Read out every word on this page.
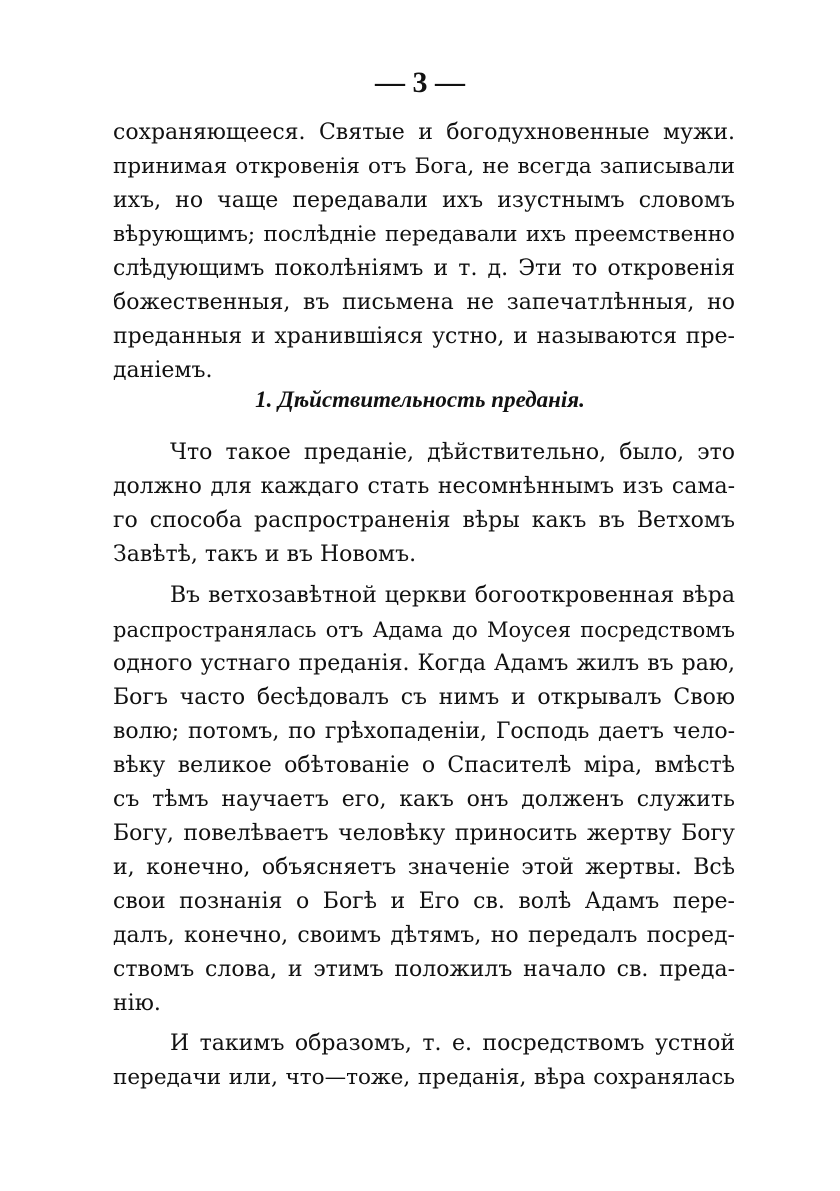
— 3 —
сохраняющееся. Святые и богодухновенные мужи.
принимая откровенія отъ Бога, не всегда записывали
ихъ, но чаще передавали ихъ изустнымъ словомъ
вѣрующимъ; послѣдніе передавали ихъ преемственно
слѣдующимъ поколѣніямъ и т. д. Эти то откровенія
божественныя, въ письмена не запечатлѣнныя, но
преданныя и хранившіяся устно, и называются пре-
даніемъ.
1. Дѣйствительность преданія.
Что такое преданіе, дѣйствительно, было, это
должно для каждаго стать несомнѣннымъ изъ сама-
го способа распространенія вѣры какъ въ Ветхомъ
Завѣтѣ, такъ и въ Новомъ.
Въ ветхозавѣтной церкви богооткровенная вѣра
распространялась отъ Адама до Моусея посредствомъ
одного устнаго преданія. Когда Адамъ жилъ въ раю,
Богъ часто бесѣдовалъ съ нимъ и открывалъ Свою
волю; потомъ, по грѣхопаденіи, Господь даетъ чело-
вѣку великое обѣтованіе о Спасителѣ міра, вмѣстѣ
съ тѣмъ научаетъ его, какъ онъ долженъ служить
Богу, повелѣваетъ человѣку приносить жертву Богу
и, конечно, объясняетъ значеніе этой жертвы. Всѣ
свои познанія о Богѣ и Его св. волѣ Адамъ пере-
далъ, конечно, своимъ дѣтямъ, но передалъ посред-
ствомъ слова, и этимъ положилъ начало св. преда-
нію.
И такимъ образомъ, т. е. посредствомъ устной
передачи или, что—тоже, преданія, вѣра сохранялась
